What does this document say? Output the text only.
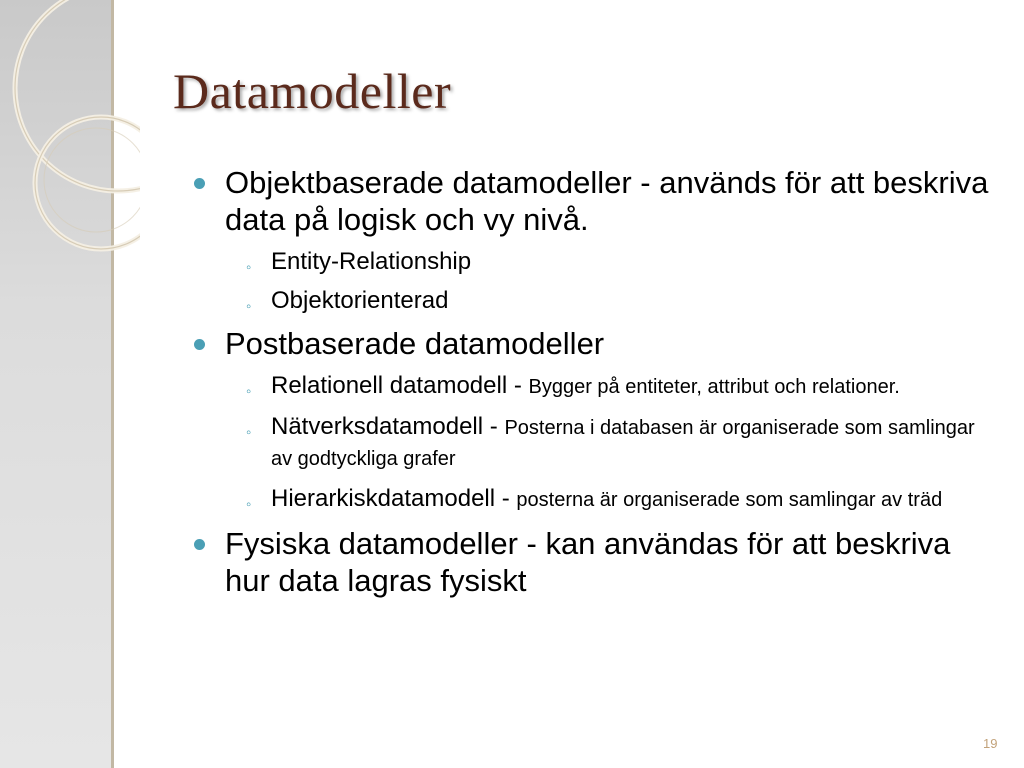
Datamodeller
Objektbaserade datamodeller - används för att beskriva data på logisk och vy nivå.
◦ Entity-Relationship
◦ Objektorienterad
Postbaserade datamodeller
◦ Relationell datamodell - Bygger på entiteter, attribut och relationer.
◦ Nätverksdatamodell - Posterna i databasen är organiserade som samlingar av godtyckliga grafer
◦ Hierarkiskdatamodell - posterna är organiserade som samlingar av träd
Fysiska datamodeller - kan användas för att beskriva hur data lagras fysiskt
19
